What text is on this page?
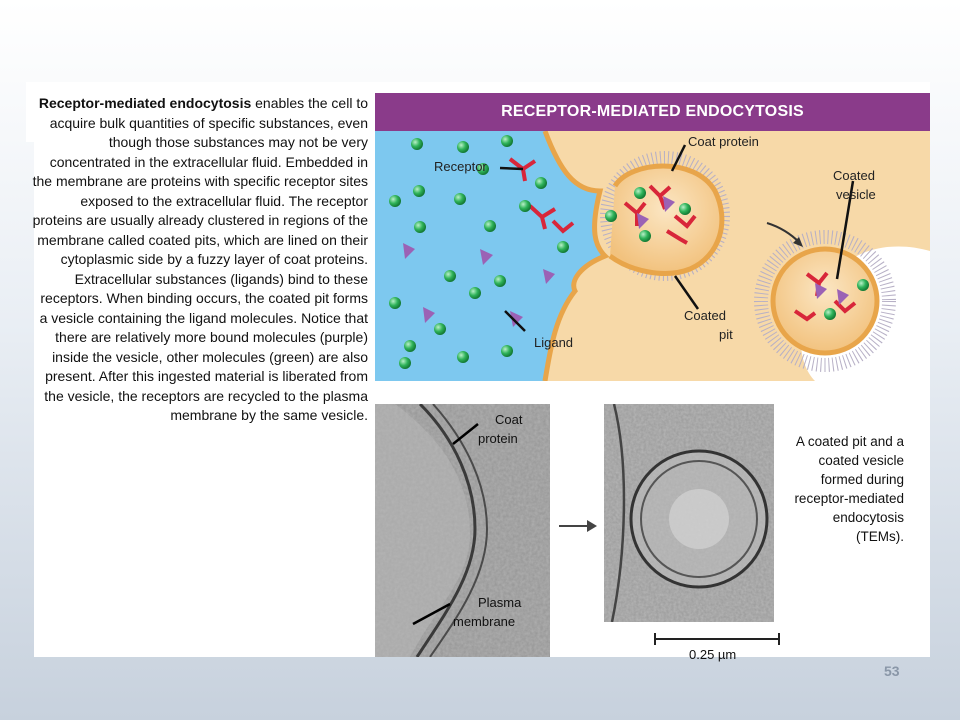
Receptor-mediated endocytosis enables the cell to acquire bulk quantities of specific substances, even though those substances may not be very concentrated in the extracellular fluid. Embedded in the membrane are proteins with specific receptor sites exposed to the extracellular fluid. The receptor proteins are usually already clustered in regions of the membrane called coated pits, which are lined on their cytoplasmic side by a fuzzy layer of coat proteins. Extracellular substances (ligands) bind to these receptors. When binding occurs, the coated pit forms a vesicle containing the ligand molecules. Notice that there are relatively more bound molecules (purple) inside the vesicle, other molecules (green) are also present. After this ingested material is liberated from the vesicle, the receptors are recycled to the plasma membrane by the same vesicle.

RECEPTOR-MEDIATED ENDOCYTOSIS
Receptor
Coat protein
Coated
vesicle
Coated
pit
Ligand
Coat
protein
Plasma
membrane
0.25 µm
A coated pit and a coated vesicle formed during receptor-mediated endocytosis (TEMs).
53
